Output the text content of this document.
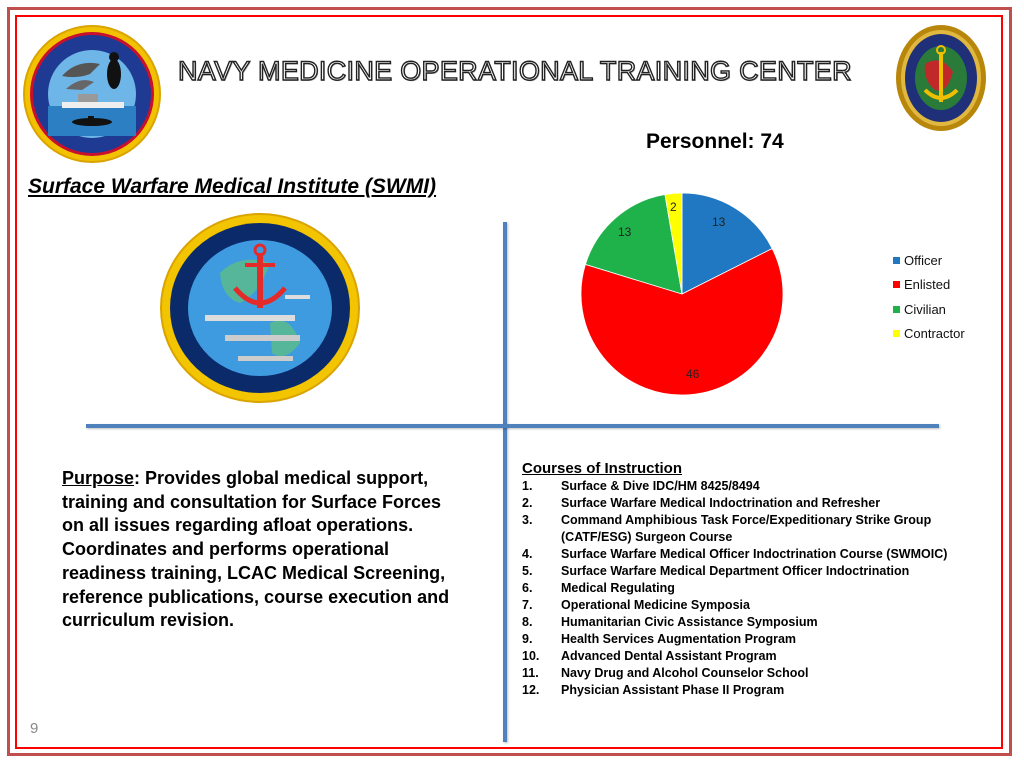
NAVY MEDICINE OPERATIONAL TRAINING CENTER
Personnel: 74
Surface Warfare Medical Institute (SWMI)
13
46
13
2
Officer
Enlisted
Civilian
Contractor
Purpose: Provides global medical support, training and consultation for Surface Forces on all issues regarding afloat operations. Coordinates and performs operational readiness training, LCAC Medical Screening, reference publications, course execution and curriculum revision.
Courses of Instruction
1.	Surface & Dive IDC/HM 8425/8494
2.	Surface Warfare Medical Indoctrination and Refresher
3.	Command Amphibious Task Force/Expeditionary Strike Group (CATF/ESG) Surgeon Course
4.	Surface Warfare Medical Officer Indoctrination Course (SWMOIC)
5.	Surface Warfare Medical Department Officer Indoctrination
6.	Medical Regulating
7.	Operational Medicine Symposia
8.	Humanitarian Civic Assistance Symposium
9.	Health Services Augmentation Program
10.	Advanced Dental Assistant Program
11.	Navy Drug and Alcohol Counselor School
12.	Physician Assistant Phase II Program
9
